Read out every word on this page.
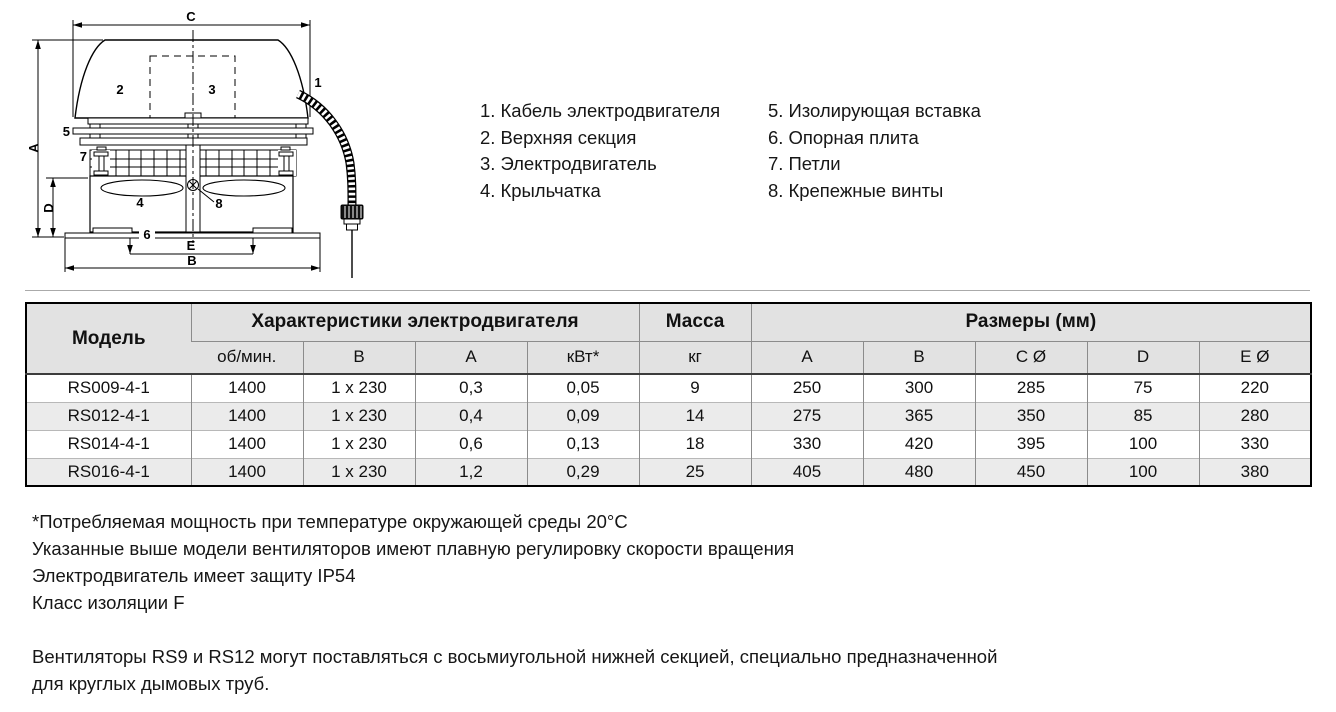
C
A
D
E
B
1
2	3
4
5
6
7
8
1. Кабель электродвигателя
2. Верхняя секция
3. Электродвигатель
4. Крыльчатка
5. Изолирующая вставка
6. Опорная плита
7. Петли
8. Крепежные винты
Модель	Характеристики электродвигателя				Масса	Размеры (мм)				
	об/мин.	В	А	кВт*	кг	A	B	C Ø	D	E Ø
RS009-4-1	1400	1 x 230	0,3	0,05	9	250	300	285	75	220
RS012-4-1	1400	1 x 230	0,4	0,09	14	275	365	350	85	280
RS014-4-1	1400	1 x 230	0,6	0,13	18	330	420	395	100	330
RS016-4-1	1400	1 x 230	1,2	0,29	25	405	480	450	100	380
*Потребляемая мощность при температуре окружающей среды 20°C
Указанные выше модели вентиляторов имеют плавную регулировку скорости вращения
Электродвигатель имеет защиту IP54
Класс изоляции F
Вентиляторы RS9 и RS12 могут поставляться с восьмиугольной нижней секцией, специально предназначенной
для круглых дымовых труб.
